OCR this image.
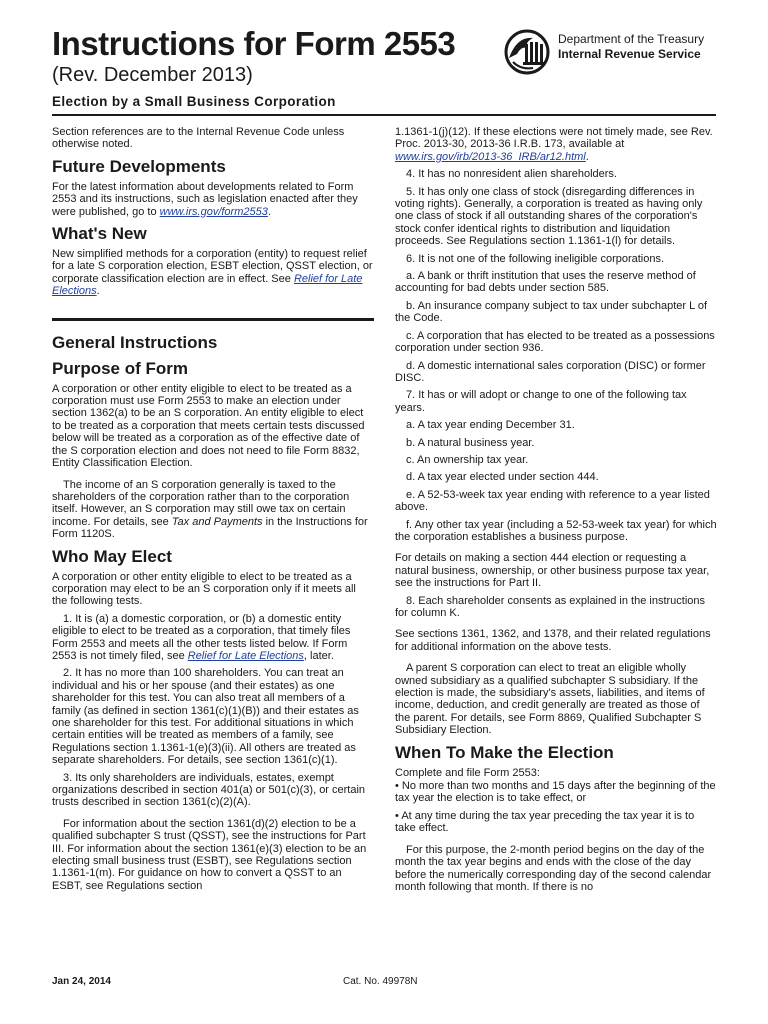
Instructions for Form 2553
(Rev. December 2013)
Election by a Small Business Corporation
Department of the Treasury
Internal Revenue Service

Section references are to the Internal Revenue Code unless otherwise noted.

Future Developments

For the latest information about developments related to Form 2553 and its instructions, such as legislation enacted after they were published, go to www.irs.gov/form2553.

What's New

New simplified methods for a corporation (entity) to request relief for a late S corporation election, ESBT election, QSST election, or corporate classification election are in effect. See Relief for Late Elections.

General Instructions
Purpose of Form

A corporation or other entity eligible to elect to be treated as a corporation must use Form 2553 to make an election under section 1362(a) to be an S corporation. An entity eligible to elect to be treated as a corporation that meets certain tests discussed below will be treated as a corporation as of the effective date of the S corporation election and does not need to file Form 8832, Entity Classification Election.

The income of an S corporation generally is taxed to the shareholders of the corporation rather than to the corporation itself. However, an S corporation may still owe tax on certain income. For details, see Tax and Payments in the Instructions for Form 1120S.

Who May Elect

A corporation or other entity eligible to elect to be treated as a corporation may elect to be an S corporation only if it meets all the following tests.

1. It is (a) a domestic corporation, or (b) a domestic entity eligible to elect to be treated as a corporation, that timely files Form 2553 and meets all the other tests listed below. If Form 2553 is not timely filed, see Relief for Late Elections, later.

2. It has no more than 100 shareholders. You can treat an individual and his or her spouse (and their estates) as one shareholder for this test. You can also treat all members of a family (as defined in section 1361(c)(1)(B)) and their estates as one shareholder for this test. For additional situations in which certain entities will be treated as members of a family, see Regulations section 1.1361-1(e)(3)(ii). All others are treated as separate shareholders. For details, see section 1361(c)(1).

3. Its only shareholders are individuals, estates, exempt organizations described in section 401(a) or 501(c)(3), or certain trusts described in section 1361(c)(2)(A).

For information about the section 1361(d)(2) election to be a qualified subchapter S trust (QSST), see the instructions for Part III. For information about the section 1361(e)(3) election to be an electing small business trust (ESBT), see Regulations section 1.1361-1(m). For guidance on how to convert a QSST to an ESBT, see Regulations section

1.1361-1(j)(12). If these elections were not timely made, see Rev. Proc. 2013-30, 2013-36 I.R.B. 173, available at www.irs.gov/irb/2013-36_IRB/ar12.html.

4. It has no nonresident alien shareholders.

5. It has only one class of stock (disregarding differences in voting rights). Generally, a corporation is treated as having only one class of stock if all outstanding shares of the corporation's stock confer identical rights to distribution and liquidation proceeds. See Regulations section 1.1361-1(l) for details.

6. It is not one of the following ineligible corporations.

a. A bank or thrift institution that uses the reserve method of accounting for bad debts under section 585.

b. An insurance company subject to tax under subchapter L of the Code.

c. A corporation that has elected to be treated as a possessions corporation under section 936.

d. A domestic international sales corporation (DISC) or former DISC.

7. It has or will adopt or change to one of the following tax years.

a. A tax year ending December 31.

b. A natural business year.

c. An ownership tax year.

d. A tax year elected under section 444.

e. A 52-53-week tax year ending with reference to a year listed above.

f. Any other tax year (including a 52-53-week tax year) for which the corporation establishes a business purpose.

For details on making a section 444 election or requesting a natural business, ownership, or other business purpose tax year, see the instructions for Part II.

8. Each shareholder consents as explained in the instructions for column K.

See sections 1361, 1362, and 1378, and their related regulations for additional information on the above tests.

A parent S corporation can elect to treat an eligible wholly owned subsidiary as a qualified subchapter S subsidiary. If the election is made, the subsidiary's assets, liabilities, and items of income, deduction, and credit generally are treated as those of the parent. For details, see Form 8869, Qualified Subchapter S Subsidiary Election.

When To Make the Election

Complete and file Form 2553:

• No more than two months and 15 days after the beginning of the tax year the election is to take effect, or

• At any time during the tax year preceding the tax year it is to take effect.

For this purpose, the 2-month period begins on the day of the month the tax year begins and ends with the close of the day before the numerically corresponding day of the second calendar month following that month. If there is no

Jan 24, 2014	Cat. No. 49978N
